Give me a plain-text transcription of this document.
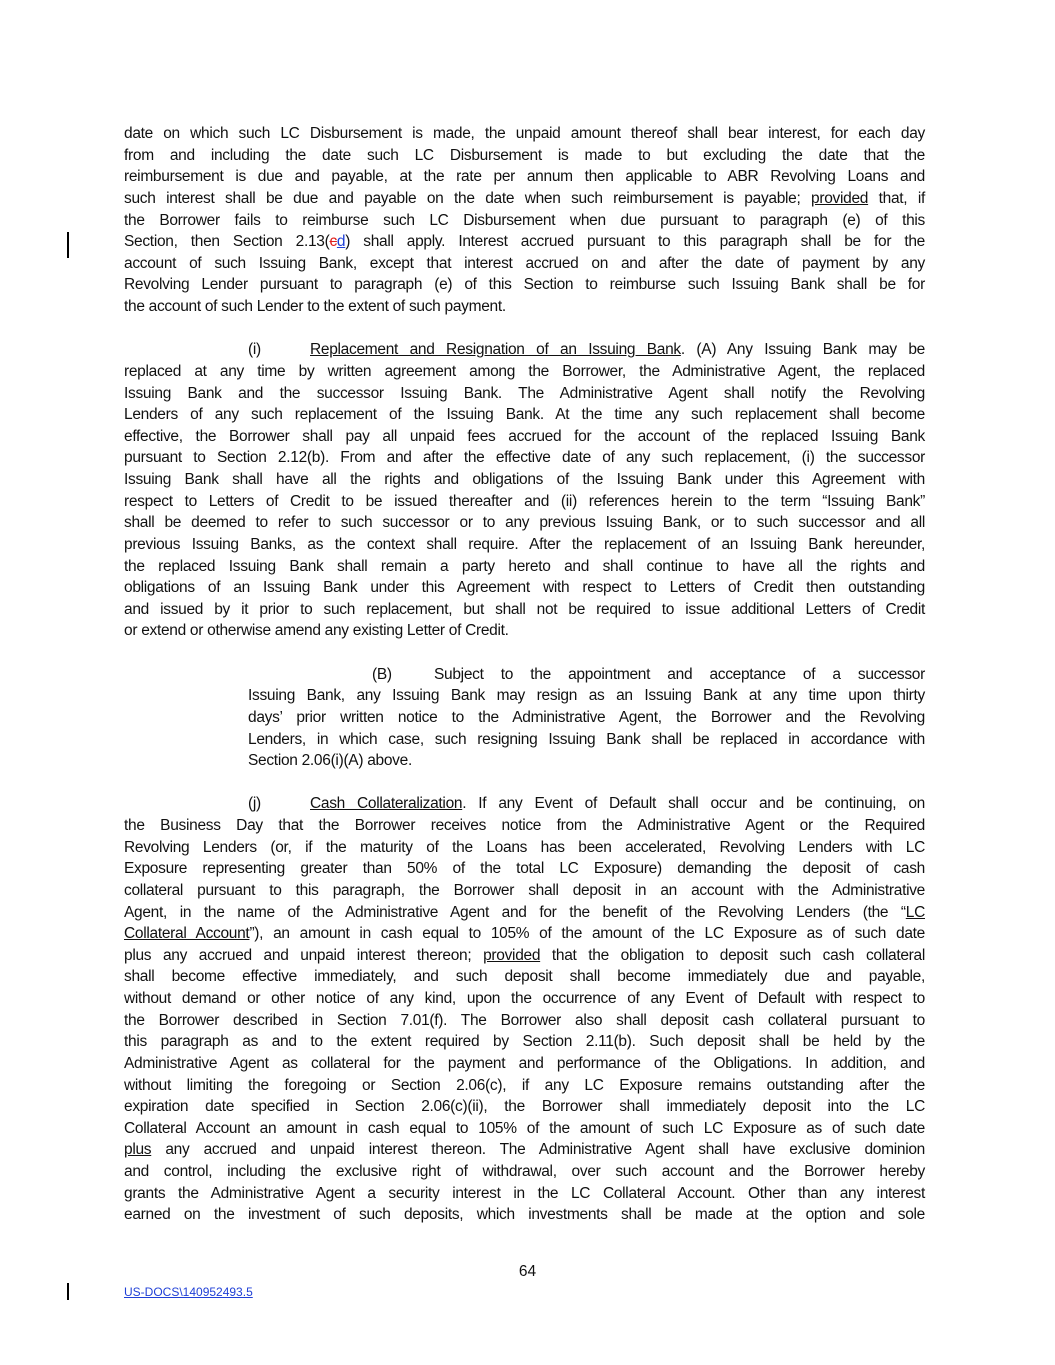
date on which such LC Disbursement is made, the unpaid amount thereof shall bear interest, for each day
from and including the date such LC Disbursement is made to but excluding the date that the
reimbursement is due and payable, at the rate per annum then applicable to ABR Revolving Loans and
such interest shall be due and payable on the date when such reimbursement is payable; provided that, if
the Borrower fails to reimburse such LC Disbursement when due pursuant to paragraph (e) of this
Section, then Section 2.13(cd) shall apply. Interest accrued pursuant to this paragraph shall be for the
account of such Issuing Bank, except that interest accrued on and after the date of payment by any
Revolving Lender pursuant to paragraph (e) of this Section to reimburse such Issuing Bank shall be for
the account of such Lender to the extent of such payment.
(i)	Replacement and Resignation of an Issuing Bank. (A) Any Issuing Bank may be
replaced at any time by written agreement among the Borrower, the Administrative Agent, the replaced
Issuing Bank and the successor Issuing Bank. The Administrative Agent shall notify the Revolving
Lenders of any such replacement of the Issuing Bank. At the time any such replacement shall become
effective, the Borrower shall pay all unpaid fees accrued for the account of the replaced Issuing Bank
pursuant to Section 2.12(b). From and after the effective date of any such replacement, (i) the successor
Issuing Bank shall have all the rights and obligations of the Issuing Bank under this Agreement with
respect to Letters of Credit to be issued thereafter and (ii) references herein to the term “Issuing Bank”
shall be deemed to refer to such successor or to any previous Issuing Bank, or to such successor and all
previous Issuing Banks, as the context shall require. After the replacement of an Issuing Bank hereunder,
the replaced Issuing Bank shall remain a party hereto and shall continue to have all the rights and
obligations of an Issuing Bank under this Agreement with respect to Letters of Credit then outstanding
and issued by it prior to such replacement, but shall not be required to issue additional Letters of Credit
or extend or otherwise amend any existing Letter of Credit.
(B)	Subject to the appointment and acceptance of a successor
Issuing Bank, any Issuing Bank may resign as an Issuing Bank at any time upon thirty
days’ prior written notice to the Administrative Agent, the Borrower and the Revolving
Lenders, in which case, such resigning Issuing Bank shall be replaced in accordance with
Section 2.06(i)(A) above.
(j)	Cash Collateralization. If any Event of Default shall occur and be continuing, on
the Business Day that the Borrower receives notice from the Administrative Agent or the Required
Revolving Lenders (or, if the maturity of the Loans has been accelerated, Revolving Lenders with LC
Exposure representing greater than 50% of the total LC Exposure) demanding the deposit of cash
collateral pursuant to this paragraph, the Borrower shall deposit in an account with the Administrative
Agent, in the name of the Administrative Agent and for the benefit of the Revolving Lenders (the “LC
Collateral Account”), an amount in cash equal to 105% of the amount of the LC Exposure as of such date
plus any accrued and unpaid interest thereon; provided that the obligation to deposit such cash collateral
shall become effective immediately, and such deposit shall become immediately due and payable,
without demand or other notice of any kind, upon the occurrence of any Event of Default with respect to
the Borrower described in Section 7.01(f). The Borrower also shall deposit cash collateral pursuant to
this paragraph as and to the extent required by Section 2.11(b). Such deposit shall be held by the
Administrative Agent as collateral for the payment and performance of the Obligations. In addition, and
without limiting the foregoing or Section 2.06(c), if any LC Exposure remains outstanding after the
expiration date specified in Section 2.06(c)(ii), the Borrower shall immediately deposit into the LC
Collateral Account an amount in cash equal to 105% of the amount of such LC Exposure as of such date
plus any accrued and unpaid interest thereon. The Administrative Agent shall have exclusive dominion
and control, including the exclusive right of withdrawal, over such account and the Borrower hereby
grants the Administrative Agent a security interest in the LC Collateral Account. Other than any interest
earned on the investment of such deposits, which investments shall be made at the option and sole
64
US-DOCS\140952493.5
